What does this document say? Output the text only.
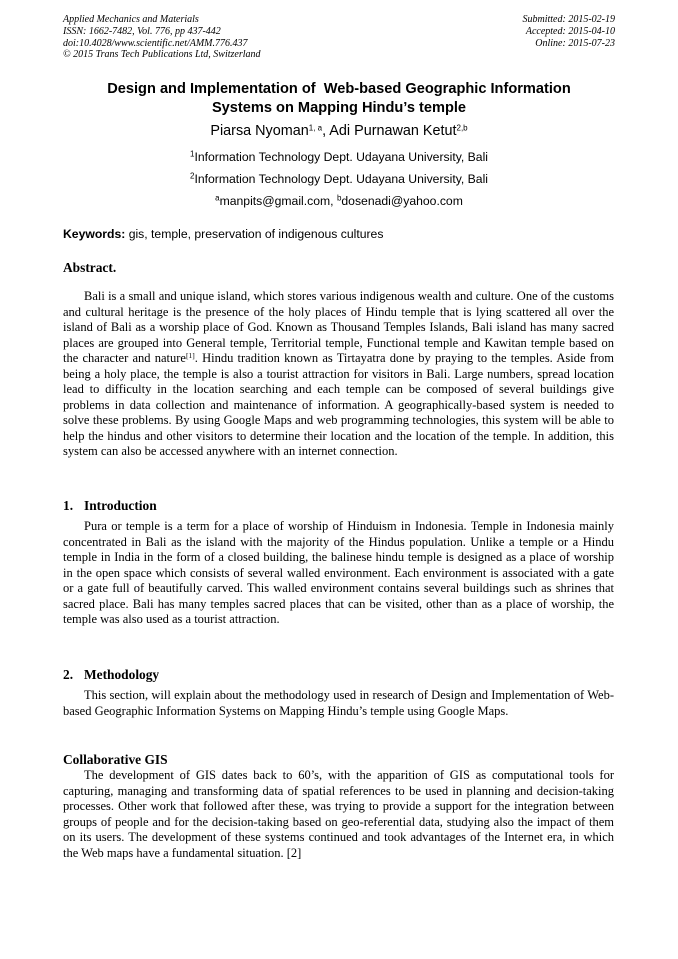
Applied Mechanics and Materials
ISSN: 1662-7482, Vol. 776, pp 437-442
doi:10.4028/www.scientific.net/AMM.776.437
© 2015 Trans Tech Publications Ltd, Switzerland
Submitted: 2015-02-19
Accepted: 2015-04-10
Online: 2015-07-23
Design and Implementation of  Web-based Geographic Information
Systems on Mapping Hindu’s temple
Piarsa Nyoman$^{1, a}$, Adi Purnawan Ketut$^{2,b}$
$^1$Information Technology Dept. Udayana University, Bali
$^2$Information Technology Dept. Udayana University, Bali
$^a$manpits@gmail.com, $^b$dosenadi@yahoo.com
Keywords: gis, temple, preservation of indigenous cultures
Abstract.
Bali is a small and unique island, which stores various indigenous wealth and culture. One of the customs and cultural heritage is the presence of the holy places of Hindu temple that is lying scattered all over the island of Bali as a worship place of God. Known as Thousand Temples Islands, Bali island has many sacred places are grouped into General temple, Territorial temple, Functional temple and Kawitan temple based on the character and nature[1]. Hindu tradition known as Tirtayatra done by praying to the temples. Aside from being a holy place, the temple is also a tourist attraction for visitors in Bali. Large numbers, spread location lead to difficulty in the location searching and each temple can be composed of several buildings give problems in data collection and maintenance of information. A geographically-based system is needed to solve these problems. By using Google Maps and web programming technologies, this system will be able to help the hindus and other visitors to determine their location and the location of the temple. In addition, this system can also be accessed anywhere with an internet connection.
1. Introduction
Pura or temple is a term for a place of worship of Hinduism in Indonesia. Temple in Indonesia mainly concentrated in Bali as the island with the majority of the Hindus population. Unlike a temple or a Hindu temple in India in the form of a closed building, the balinese hindu temple is designed as a place of worship in the open space which consists of several walled environment. Each environment is associated with a gate or a gate full of beautifully carved. This walled environment contains several buildings such as shrines that sacred place. Bali has many temples sacred places that can be visited, other than as a place of worship, the temple was also used as a tourist attraction.
2. Methodology
This section, will explain about the methodology used in research of Design and Implementation of Web-based Geographic Information Systems on Mapping Hindu’s temple using Google Maps.
Collaborative GIS
The development of GIS dates back to 60’s, with the apparition of GIS as computational tools for capturing, managing and transforming data of spatial references to be used in planning and decision-taking processes. Other work that followed after these, was trying to provide a support for the integration between groups of people and for the decision-taking based on geo-referential data, studying also the impact of them on its users. The development of these systems continued and took advantages of the Internet era, in which the Web maps have a fundamental situation. [2]
